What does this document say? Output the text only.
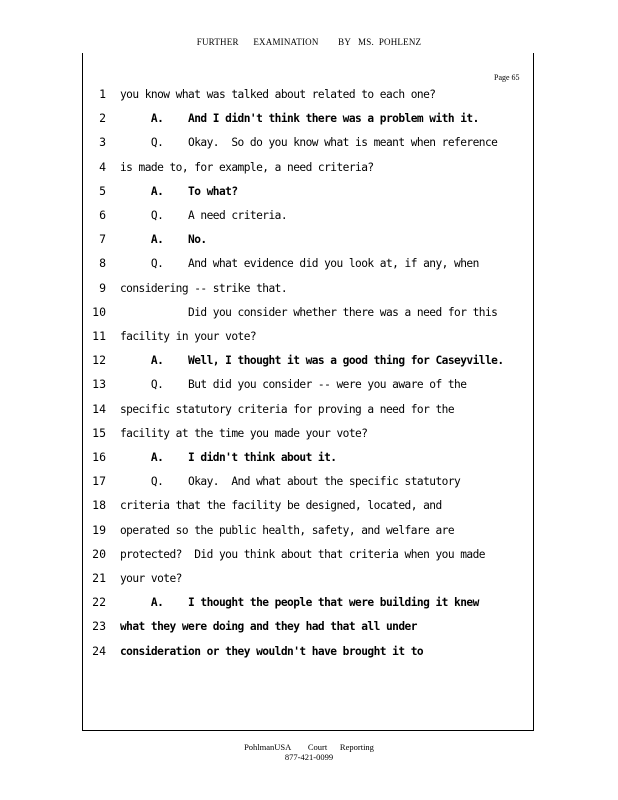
FURTHER      EXAMINATION        BY   MS.  POHLENZ
Page 65
1 you know what was talked about related to each one?
2 A.    And I didn't think there was a problem with it.
3 Q.    Okay.  So do you know what is meant when reference
4 is made to, for example, a need criteria?
5 A.    To what?
6 Q.    A need criteria.
7 A.    No.
8 Q.    And what evidence did you look at, if any, when
9 considering -- strike that.
10 Did you consider whether there was a need for this
11 facility in your vote?
12 A.    Well, I thought it was a good thing for Caseyville.
13 Q.    But did you consider -- were you aware of the
14 specific statutory criteria for proving a need for the
15 facility at the time you made your vote?
16 A.    I didn't think about it.
17 Q.    Okay.  And what about the specific statutory
18 criteria that the facility be designed, located, and
19 operated so the public health, safety, and welfare are
20 protected?  Did you think about that criteria when you made
21 your vote?
22 A.    I thought the people that were building it knew
23 what they were doing and they had that all under
24 consideration or they wouldn't have brought it to
PohlmanUSA        Court      Reporting
877-421-0099
